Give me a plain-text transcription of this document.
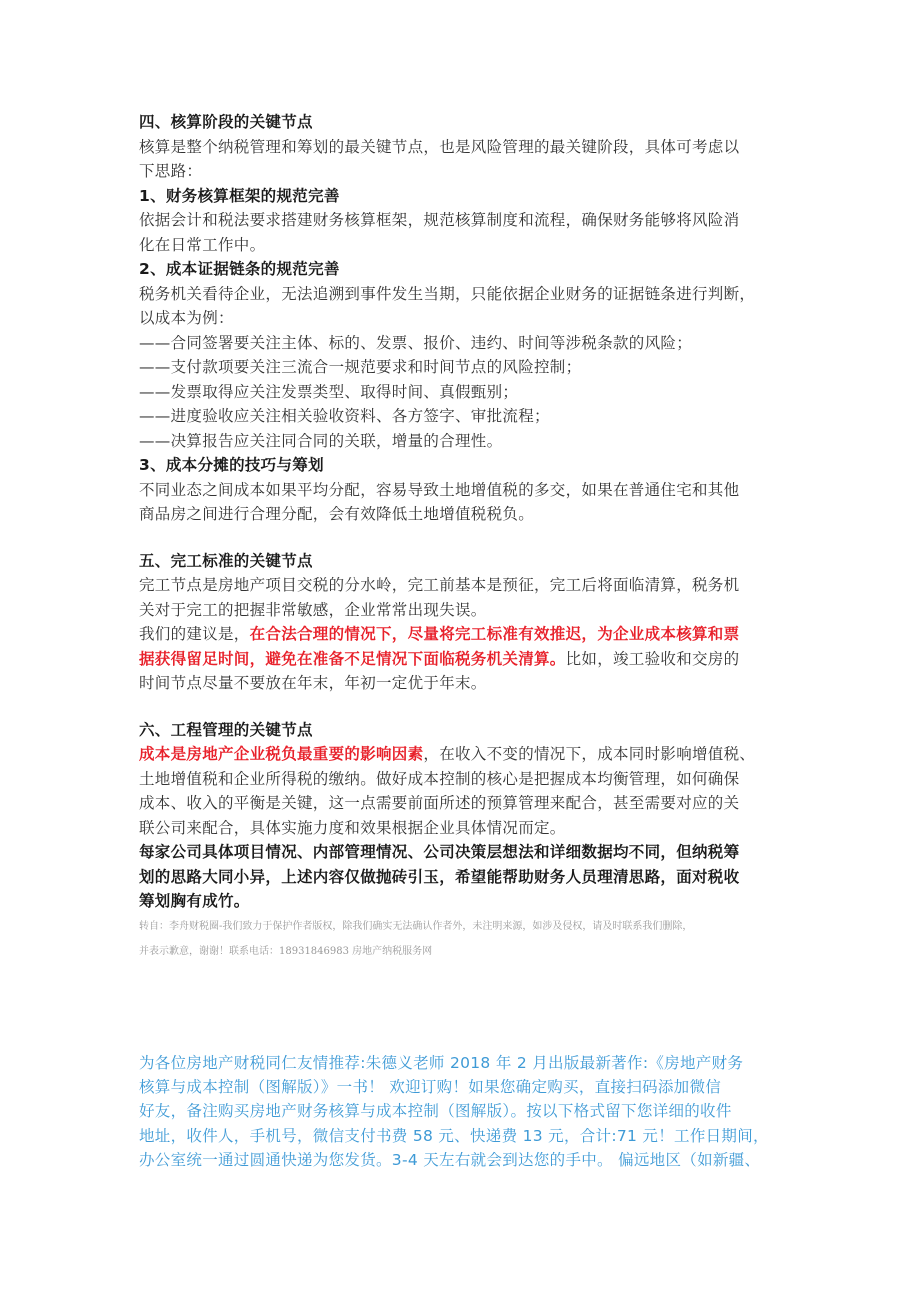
四、核算阶段的关键节点
核算是整个纳税管理和筹划的最关键节点，也是风险管理的最关键阶段，具体可考虑以
下思路：
1、财务核算框架的规范完善
依据会计和税法要求搭建财务核算框架，规范核算制度和流程，确保财务能够将风险消
化在日常工作中。
2、成本证据链条的规范完善
税务机关看待企业，无法追溯到事件发生当期，只能依据企业财务的证据链条进行判断，
以成本为例：
——合同签署要关注主体、标的、发票、报价、违约、时间等涉税条款的风险；
——支付款项要关注三流合一规范要求和时间节点的风险控制；
——发票取得应关注发票类型、取得时间、真假甄别；
——进度验收应关注相关验收资料、各方签字、审批流程；
——决算报告应关注同合同的关联，增量的合理性。
3、成本分摊的技巧与筹划
不同业态之间成本如果平均分配，容易导致土地增值税的多交，如果在普通住宅和其他
商品房之间进行合理分配，会有效降低土地增值税税负。
五、完工标准的关键节点
完工节点是房地产项目交税的分水岭，完工前基本是预征，完工后将面临清算，税务机
关对于完工的把握非常敏感，企业常常出现失误。
我们的建议是，在合法合理的情况下，尽量将完工标准有效推迟，为企业成本核算和票
据获得留足时间，避免在准备不足情况下面临税务机关清算。比如，竣工验收和交房的
时间节点尽量不要放在年末，年初一定优于年末。
六、工程管理的关键节点
成本是房地产企业税负最重要的影响因素，在收入不变的情况下，成本同时影响增值税、
土地增值税和企业所得税的缴纳。做好成本控制的核心是把握成本均衡管理，如何确保
成本、收入的平衡是关键，这一点需要前面所述的预算管理来配合，甚至需要对应的关
联公司来配合，具体实施力度和效果根据企业具体情况而定。
每家公司具体项目情况、内部管理情况、公司决策层想法和详细数据均不同，但纳税筹
划的思路大同小异，上述内容仅做抛砖引玉，希望能帮助财务人员理清思路，面对税收
筹划胸有成竹。
转自：李舟财税圈-我们致力于保护作者版权，除我们确实无法确认作者外，未注明来源，如涉及侵权，请及时联系我们删除，
并表示歉意，谢谢！联系电话：18931846983 房地产纳税服务网
为各位房地产财税同仁友情推荐:朱德义老师 2018 年 2 月出版最新著作:《房地产财务
核算与成本控制（图解版）》一书！ 欢迎订购！如果您确定购买，直接扫码添加微信
好友，备注购买房地产财务核算与成本控制（图解版）。按以下格式留下您详细的收件
地址，收件人，手机号，微信支付书费 58 元、快递费 13 元，合计:71 元！工作日期间，
办公室统一通过圆通快递为您发货。3-4 天左右就会到达您的手中。 偏远地区（如新疆、
